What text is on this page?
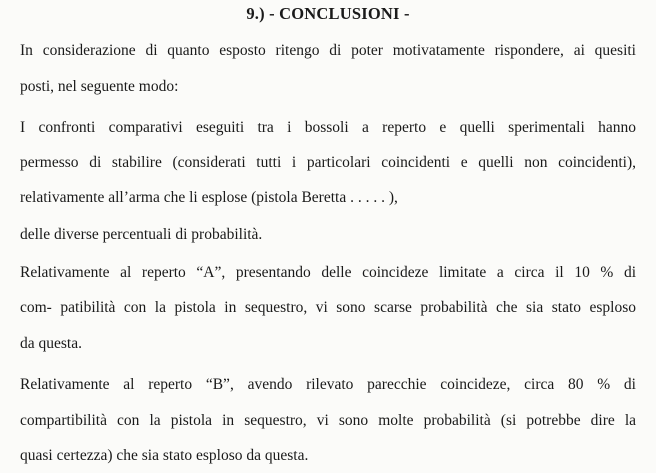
9.) - CONCLUSIONI -
In considerazione di quanto esposto ritengo di poter motivatamente rispondere, ai quesiti
posti, nel seguente modo:
I confronti comparativi eseguiti tra i bossoli a reperto e quelli sperimentali hanno
permesso di stabilire (considerati tutti i particolari coincidenti e quelli non coincidenti),
relativamente all’arma che li esplose (pistola Beretta . . . . . ),
delle diverse percentuali di probabilità.
Relativamente al reperto “A”, presentando delle coincideze limitate a circa il 10 % di
com- patibilità con la pistola in sequestro, vi sono scarse probabilità che sia stato esploso
da questa.
Relativamente al reperto “B”, avendo rilevato parecchie coincideze, circa 80 % di
compartibilità con la pistola in sequestro, vi sono molte probabilità (si potrebbe dire la
quasi certezza) che sia stato esploso da questa.
